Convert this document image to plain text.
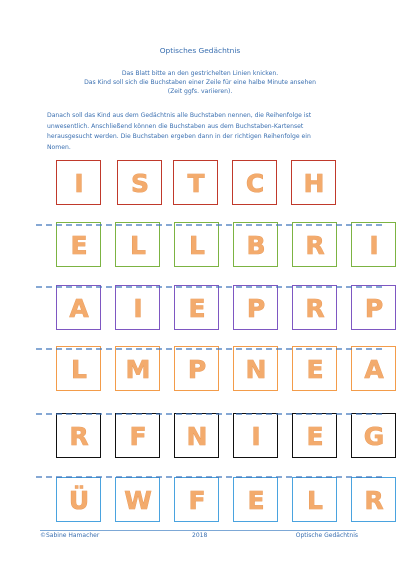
Optisches Gedächtnis
Das Blatt bitte an den gestrichelten Linien knicken.
Das Kind soll sich die Buchstaben einer Zeile für eine halbe Minute ansehen
(Zeit ggfs. variieren).
Danach soll das Kind aus dem Gedächtnis alle Buchstaben nennen, die Reihenfolge ist
unwesentlich. Anschließend können die Buchstaben aus dem Buchstaben-Kartenset
herausgesucht werden. Die Buchstaben ergeben dann in der richtigen Reihenfolge ein
Nomen.
I S T C H
E L L B R I
A I E P R P
L M P N E A
R F N I E G
Ü W F E L R
©Sabine Hamacher	2018	Optische Gedächtnis
